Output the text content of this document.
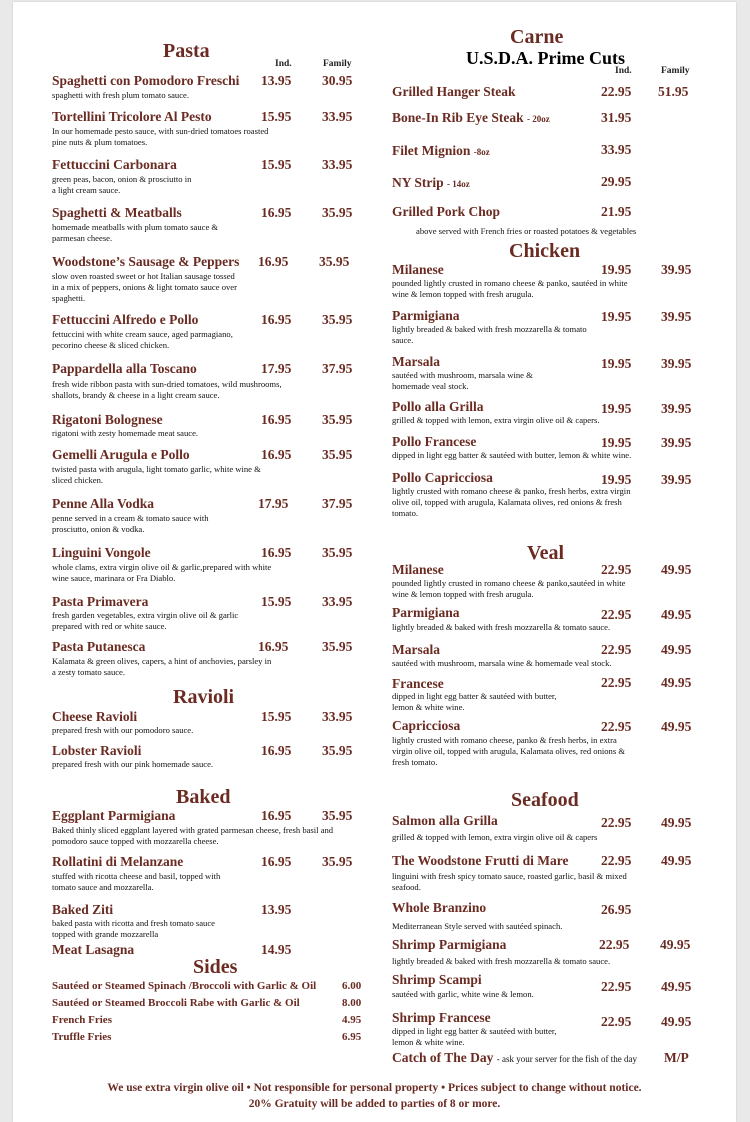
Pasta
Ind.	Family
Spaghetti con Pomodoro Freschi 13.95 30.95
spaghetti with fresh plum tomato sauce.
Tortellini Tricolore Al Pesto	15.95 33.95
In our homemade pesto sauce, with sun-dried tomatoes roasted pine nuts & plum tomatoes.
Fettuccini Carbonara	15.95 33.95
green peas, bacon, onion & prosciutto in a light cream sauce.
Spaghetti & Meatballs	16.95 35.95
homemade meatballs with plum tomato sauce & parmesan cheese.
Woodstone’s Sausage & Peppers 16.95 35.95
slow oven roasted sweet or hot Italian sausage tossed in a mix of peppers, onions & light tomato sauce over spaghetti.
Fettuccini Alfredo e Pollo	16.95 35.95
fettuccini with white cream sauce, aged parmagiano, pecorino cheese & sliced chicken.
Pappardella alla Toscano	17.95 37.95
fresh wide ribbon pasta with sun-dried tomatoes, wild mushrooms, shallots, brandy & cheese in a light cream sauce.
Rigatoni Bolognese	16.95 35.95
rigatoni with zesty homemade meat sauce.
Gemelli Arugula e Pollo	16.95 35.95
twisted pasta with arugula, light tomato garlic, white wine & sliced chicken.
Penne Alla Vodka	17.95 37.95
penne served in a cream & tomato sauce with prosciutto, onion & vodka.
Linguini Vongole	16.95 35.95
whole clams, extra virgin olive oil & garlic,prepared with white wine sauce, marinara or Fra Diablo.
Pasta Primavera	15.95 33.95
fresh garden vegetables, extra virgin olive oil & garlic prepared with red or white sauce.
Pasta Putanesca	16.95 35.95
Kalamata & green olives, capers, a hint of anchovies, parsley in a zesty tomato sauce.
Ravioli
Cheese Ravioli	15.95 33.95
prepared fresh with our pomodoro sauce.
Lobster Ravioli	16.95 35.95
prepared fresh with our pink homemade sauce.
Baked
Eggplant Parmigiana	16.95 35.95
Baked thinly sliced eggplant layered with grated parmesan cheese, fresh basil and pomodoro sauce topped with mozzarella cheese.
Rollatini di Melanzane	16.95 35.95
stuffed with ricotta cheese and basil, topped with tomato sauce and mozzarella.
Baked Ziti	13.95
baked pasta with ricotta and fresh tomato sauce topped with grande mozzarella
Meat Lasagna	14.95
Sides
Sautéed or Steamed Spinach /Broccoli with Garlic & Oil 6.00
Sautéed or Steamed Broccoli Rabe with Garlic & Oil	8.00
French Fries	4.95
Truffle Fries	6.95
Carne
U.S.D.A. Prime Cuts
Ind.	Family
Grilled Hanger Steak	22.95 51.95
Bone-In Rib Eye Steak - 20oz	31.95
Filet Mignion -8oz	33.95
NY Strip - 14oz	29.95
Grilled Pork Chop	21.95
above served with French fries or roasted potatoes & vegetables
Chicken
Milanese	19.95 39.95
pounded lightly crusted in romano cheese & panko, sautéed in white wine & lemon topped with fresh arugula.
Parmigiana	19.95 39.95
lightly breaded & baked with fresh mozzarella & tomato sauce.
Marsala	19.95 39.95
sautéed with mushroom, marsala wine & homemade veal stock.
Pollo alla Grilla	19.95 39.95
grilled & topped with lemon, extra virgin olive oil & capers.
Pollo Francese	19.95 39.95
dipped in light egg batter & sautéed with butter, lemon & white wine.
Pollo Capricciosa	19.95 39.95
lightly crusted with romano cheese & panko, fresh herbs, extra virgin olive oil, topped with arugula, Kalamata olives, red onions & fresh tomato.
Veal
Milanese	22.95 49.95
pounded lightly crusted in romano cheese & panko,sautéed in white wine & lemon topped with fresh arugula.
Parmigiana	22.95 49.95
lightly breaded & baked with fresh mozzarella & tomato sauce.
Marsala	22.95 49.95
sautéed with mushroom, marsala wine & homemade veal stock.
Francese	22.95 49.95
dipped in light egg batter & sautéed with butter, lemon & white wine.
Capricciosa	22.95 49.95
lightly crusted with romano cheese, panko & fresh herbs, in extra virgin olive oil, topped with arugula, Kalamata olives, red onions & fresh tomato.
Seafood
Salmon alla Grilla	22.95 49.95
grilled & topped with lemon, extra virgin olive oil & capers
The Woodstone Frutti di Mare 22.95 49.95
linguini with fresh spicy tomato sauce, roasted garlic, basil & mixed seafood.
Whole Branzino	26.95
Mediterranean Style served with sautéed spinach.
Shrimp Parmigiana	22.95 49.95
lightly breaded & baked with fresh mozzarella & tomato sauce.
Shrimp Scampi	22.95 49.95
sautéed with garlic, white wine & lemon.
Shrimp Francese	22.95 49.95
dipped in light egg batter & sautéed with butter, lemon & white wine.
Catch of The Day - ask your server for the fish of the day M/P
We use extra virgin olive oil • Not responsible for personal property • Prices subject to change without notice.
20% Gratuity will be added to parties of 8 or more.
